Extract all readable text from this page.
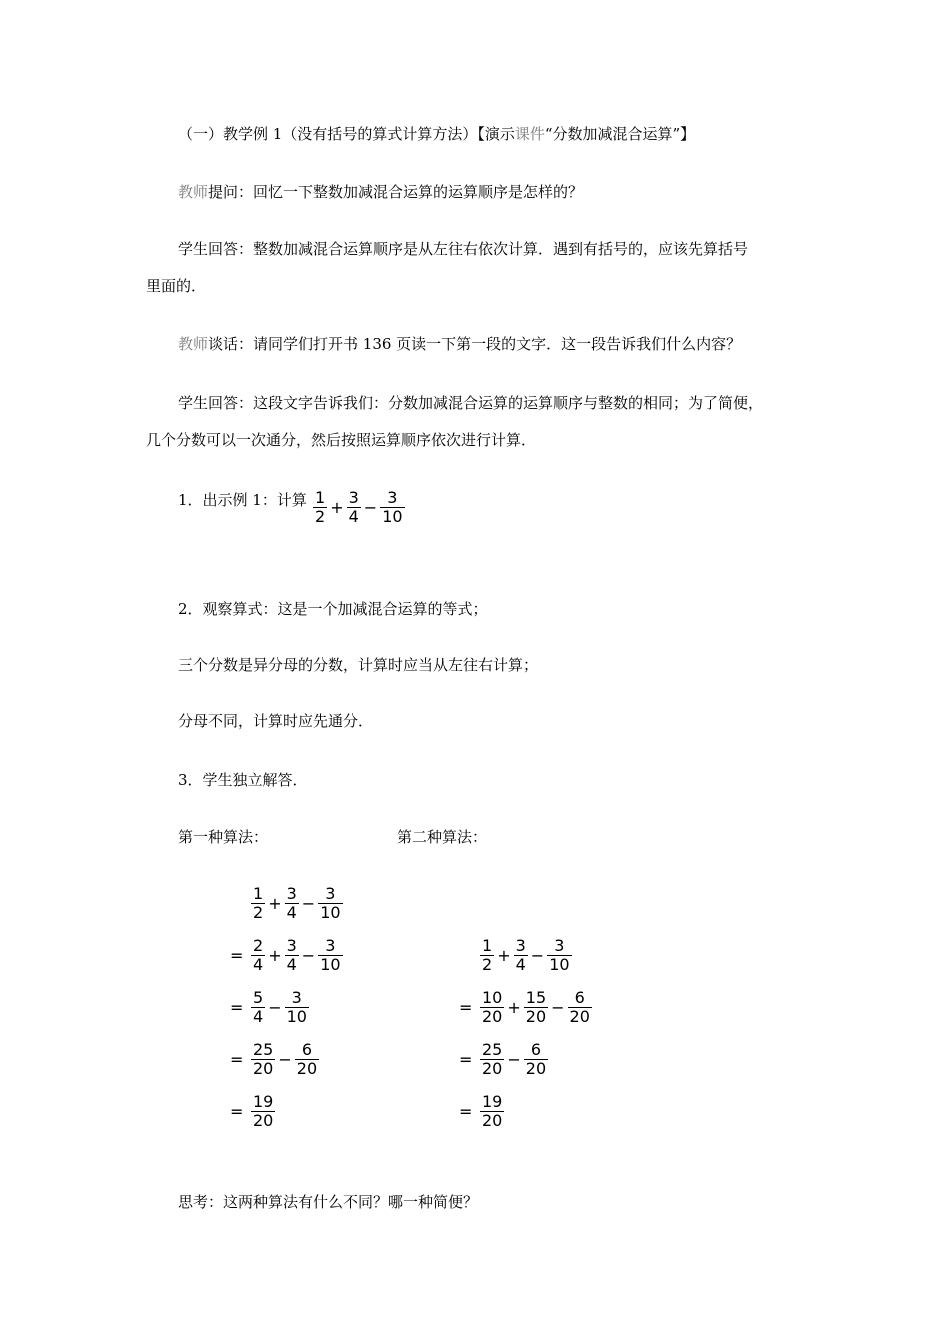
（一）教学例 1（没有括号的算式计算方法）【演示课件“分数加减混合运算”】
教师提问：回忆一下整数加减混合运算的运算顺序是怎样的？
学生回答：整数加减混合运算顺序是从左往右依次计算．遇到有括号的，应该先算括号
里面的．
教师谈话：请同学们打开书 136 页读一下第一段的文字．这一段告诉我们什么内容？
学生回答：这段文字告诉我们：分数加减混合运算的运算顺序与整数的相同；为了简便，
几个分数可以一次通分，然后按照运算顺序依次进行计算．
1．出示例 1：计算 $\frac{1}{2} + \frac{3}{4} - \frac{3}{10}$
2．观察算式：这是一个加减混合运算的等式；
三个分数是异分母的分数，计算时应当从左往右计算；
分母不同，计算时应先通分．
3．学生独立解答．
第一种算法：	第二种算法：
$\frac{1}{2} + \frac{3}{4} - \frac{3}{10}$
= $\frac{2}{4} + \frac{3}{4} - \frac{3}{10}$
= $\frac{5}{4} - \frac{3}{10}$
= $\frac{25}{20} - \frac{6}{20}$
= $\frac{19}{20}$
$\frac{1}{2} + \frac{3}{4} - \frac{3}{10}$
= $\frac{10}{20} + \frac{15}{20} - \frac{6}{20}$
= $\frac{25}{20} - \frac{6}{20}$
= $\frac{19}{20}$
思考：这两种算法有什么不同？哪一种简便？
